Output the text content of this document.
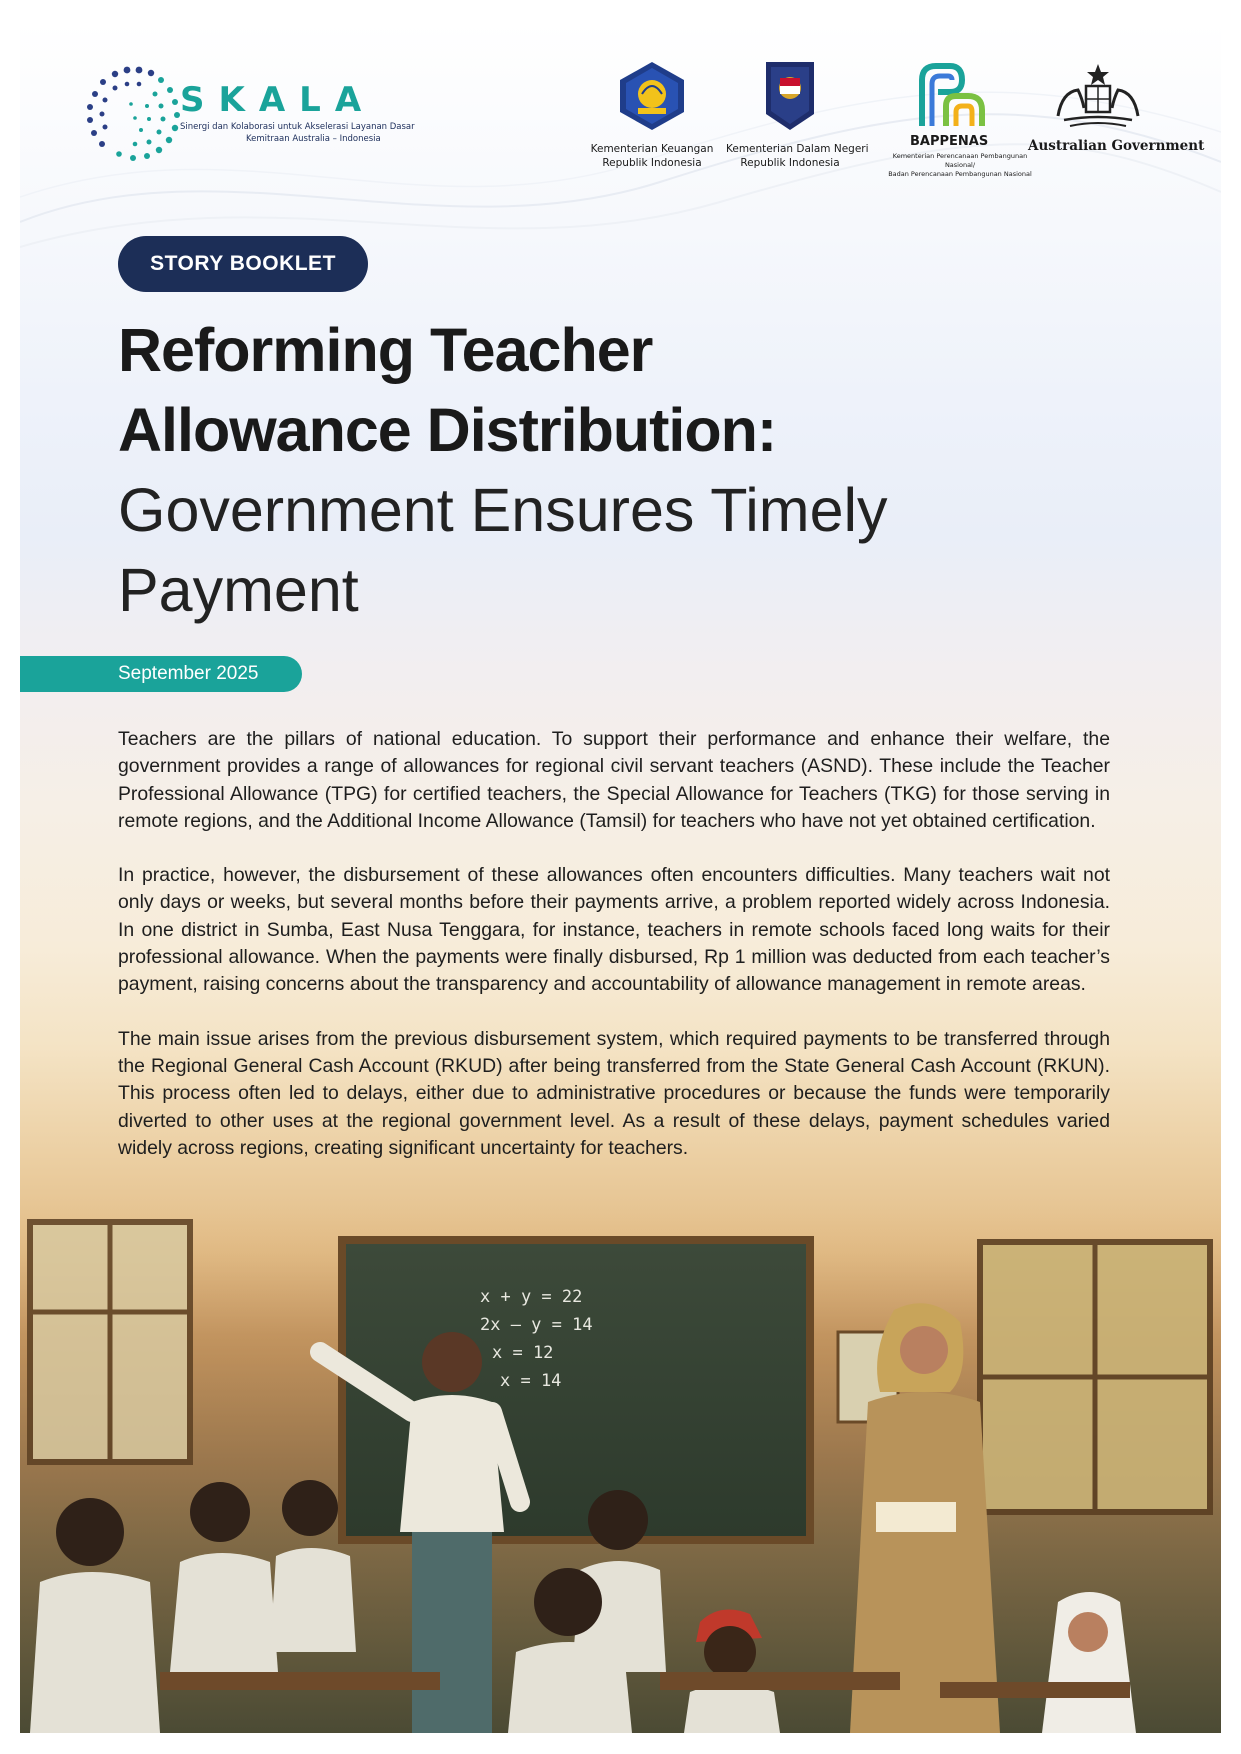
SKALA
Sinergi dan Kolaborasi untuk Akselerasi Layanan Dasar
Kemitraan Australia – Indonesia
Kementerian Keuangan
Republik Indonesia
Kementerian Dalam Negeri
Republik Indonesia
BAPPENAS
Kementerian Perencanaan Pembangunan Nasional/
Badan Perencanaan Pembangunan Nasional
Australian Government
STORY BOOKLET
Reforming Teacher
Allowance Distribution:
Government Ensures Timely
Payment
September 2025

Teachers are the pillars of national education. To support their performance and enhance their welfare, the government provides a range of allowances for regional civil servant teachers (ASND). These include the Teacher Professional Allowance (TPG) for certified teachers, the Special Allowance for Teachers (TKG) for those serving in remote regions, and the Additional Income Allowance (Tamsil) for teachers who have not yet obtained certification.

In practice, however, the disbursement of these allowances often encounters difficulties. Many teachers wait not only days or weeks, but several months before their payments arrive, a problem reported widely across Indonesia. In one district in Sumba, East Nusa Tenggara, for instance, teachers in remote schools faced long waits for their professional allowance. When the payments were finally disbursed, Rp 1 million was deducted from each teacher’s payment, raising concerns about the transparency and accountability of allowance management in remote areas.

The main issue arises from the previous disbursement system, which required payments to be transferred through the Regional General Cash Account (RKUD) after being transferred from the State General Cash Account (RKUN). This process often led to delays, either due to administrative procedures or because the funds were temporarily diverted to other uses at the regional government level. As a result of these delays, payment schedules varied widely across regions, creating significant uncertainty for teachers.

x + y = 22
2x – y = 14
x = 12
x = 14
